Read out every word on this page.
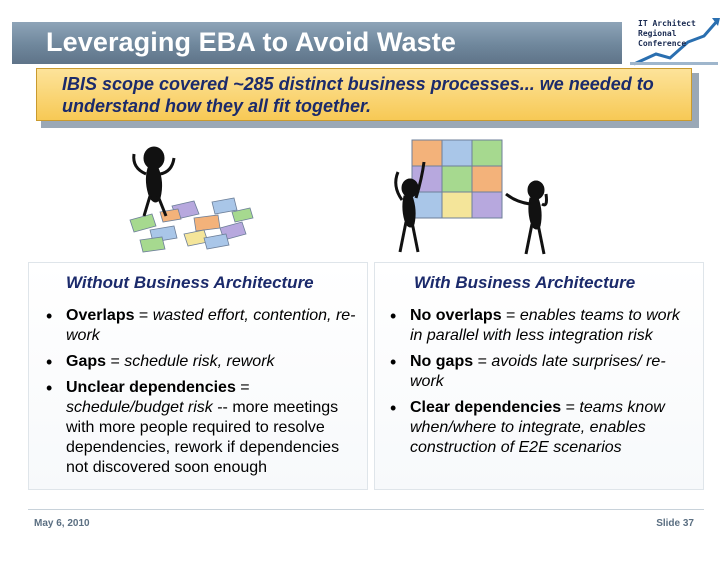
Leveraging EBA to Avoid Waste
IT Architect
Regional
Conference
IBIS scope covered ~285 distinct business processes... we needed to understand how they all fit together.
Without Business Architecture	With Business Architecture
• Overlaps = wasted effort, contention, re-work
• Gaps = schedule risk, rework
• Unclear dependencies = schedule/budget risk -- more meetings with more people required to resolve dependencies, rework if dependencies not discovered soon enough
• No overlaps = enables teams to work in parallel with less integration risk
• No gaps = avoids late surprises/ re-work
• Clear dependencies = teams know when/where to integrate, enables construction of E2E scenarios
May 6, 2010	Slide 37
